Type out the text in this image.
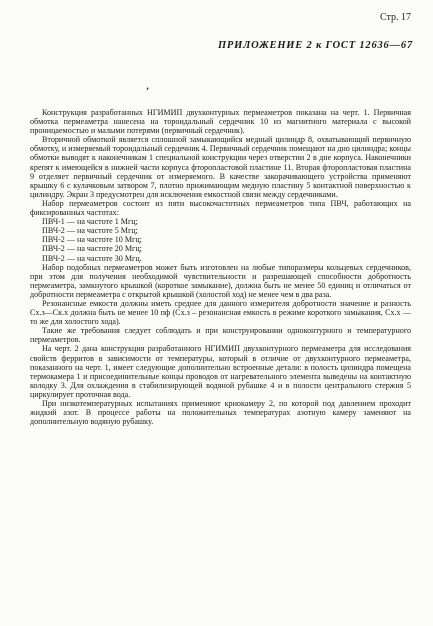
Стр. 17
ПРИЛОЖЕНИЕ 2 к ГОСТ 12636—67
’

Конструкция разработанных НГИМИП двухконтурных пермеаметров показана на черт. 1. Первичная обмотка пермеаметра нанесена на тороидальный сердечник 10 из магнитного материала с высокой проницаемостью и малыми потерями (первичный сердечник).

Вторичной обмоткой является сплошной замыкающийся медный цилиндр 8, охватывающий первичную обмотку, и измеряемый тороидальный сердечник 4. Первичный сердечник помещают на дно цилиндра; концы обмотки выводят к наконечникам 1 специальной конструкции через отверстии 2 в дне корпуса. Наконечники крепят к имеющейся в нижней части корпуса фторопластовой пластине 11. Вторая фторопластовая пластина 9 отделяет первичный сердечник от измеряемого. В качестве закорачивающего устройства применяют крышку 6 с кулачковым затвором 7, плотно прижимающим медную пластину 5 контактной поверхностью к цилиндру. Экран 3 предусмотрен для исключения емкостной связи между сердечниками.

Набор пермеаметров состоит из пяти высокочастотных пермеаметров типа ПВЧ, работающих на фиксированных частотах:

ПВЧ-1 — на частоте 1 Мгц;

ПВЧ-2 — на частоте 5 Мгц;

ПВЧ-2 — на частоте 10 Мгц;

ПВЧ-2 — на частоте 20 Мгц;

ПВЧ-2 — на частоте 30 Мгц.

Набор подобных пермеаметров может быть изготовлен на любые типоразмеры кольцевых сердечников, при этом для получения необходимой чувствительности и разрешающей способности добротность пермеаметра, замкнутого крышкой (короткое замыкание), должна быть не менее 50 единиц и отличаться от добротности пермеаметра с открытой крышкой (холостой ход) не менее чем в два раза.

Резонансные емкости должны иметь среднее для данного измерителя добротности значение и разность Cх.з—Cк.х должна быть не менее 10 пф (Cх.з – резонансная емкость в режиме короткого замыкания, Cх.х — то же для холостого хода).

Такие же требования следует соблюдать и при конструировании одноконтурного и температурного пермеаметров.

На черт. 2 дана конструкция разработанного НГИМИП двухконтурного пермеаметра для исследования свойств ферритов в зависимости от температуры, который в отличие от двухконтурного пермеаметра, показанного на черт. 1, имеет следующие дополнительно встроенные детали: в полость цилиндра помещена термокамера 1 и присоединительные концы проводов от нагревательного элемента выведены на контактную колодку 3. Для охлаждения в стабилизирующей водяной рубашке 4 и в полости центрального стержня 5 циркулирует проточная вода.

При низкотемпературных испытаниях применяют криокамеру 2, по которой под давлением проходит жидкий азот. В процессе работы на положительных температурах азотную камеру заменяют на дополнительную водяную рубашку.
